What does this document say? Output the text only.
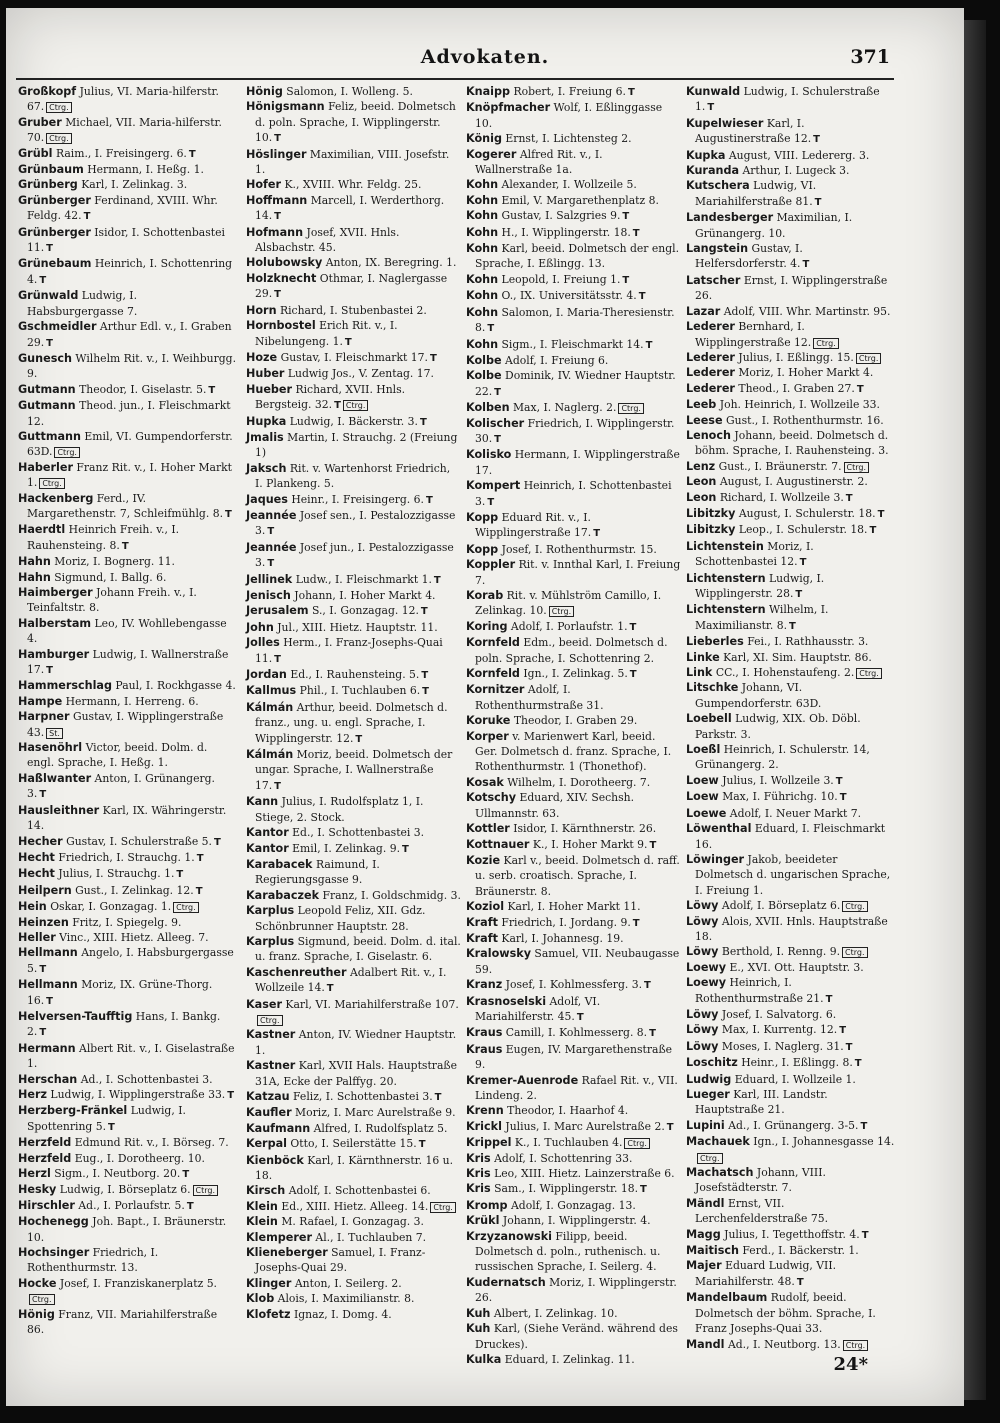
Advokaten.	371
Großkopf Julius, VI. Maria-hilferstr. 67. Ctrg.
Gruber Michael, VII. Maria-hilferstr. 70. Ctrg.
Grübl Raim., I. Freisingerg. 6. T
Grünbaum Hermann, I. Heßg. 1.
Grünberg Karl, I. Zelinkag. 3.
Grünberger Ferdinand, XVIII. Whr. Feldg. 42. T
Grünberger Isidor, I. Schottenbastei 11. T
Grünebaum Heinrich, I. Schottenring 4. T
Grünwald Ludwig, I. Habsburgergasse 7.
Gschmeidler Arthur Edl. v., I. Graben 29. T
Gunesch Wilhelm Rit. v., I. Weihburgg. 9.
Gutmann Theodor, I. Giselastr. 5. T
Gutmann Theod. jun., I. Fleischmarkt 12.
Guttmann Emil, VI. Gumpendorferstr. 63D. Ctrg.
Haberler Franz Rit. v., I. Hoher Markt 1. Ctrg.
Hackenberg Ferd., IV. Margarethenstr. 7, Schleifmühlg. 8. T
Haerdtl Heinrich Freih. v., I. Rauhensteing. 8. T
Hahn Moriz, I. Bognerg. 11.
Hahn Sigmund, I. Ballg. 6.
Haimberger Johann Freih. v., I. Teinfaltstr. 8.
Halberstam Leo, IV. Wohllebengasse 4.
Hamburger Ludwig, I. Wallnerstraße 17. T
Hammerschlag Paul, I. Rockhgasse 4.
Hampe Hermann, I. Herreng. 6.
Harpner Gustav, I. Wipplingerstraße 43. St.
Hasenöhrl Victor, beeid. Dolm. d. engl. Sprache, I. Heßg. 1.
Haßlwanter Anton, I. Grünangerg. 3. T
Hausleithner Karl, IX. Währingerstr. 14.
Hecher Gustav, I. Schulerstraße 5. T
Hecht Friedrich, I. Strauchg. 1. T
Hecht Julius, I. Strauchg. 1. T
Heilpern Gust., I. Zelinkag. 12. T
Hein Oskar, I. Gonzagag. 1. Ctrg.
Heinzen Fritz, I. Spiegelg. 9.
Heller Vinc., XIII. Hietz. Alleeg. 7.
Hellmann Angelo, I. Habsburgergasse 5. T
Hellmann Moriz, IX. Grüne-Thorg. 16. T
Helversen-Taufftig Hans, I. Bankg. 2. T
Hermann Albert Rit. v., I. Giselastraße 1.
Herschan Ad., I. Schottenbastei 3.
Herz Ludwig, I. Wipplingerstraße 33. T
Herzberg-Fränkel Ludwig, I. Spottenring 5. T
Herzfeld Edmund Rit. v., I. Börseg. 7.
Herzfeld Eug., I. Dorotheerg. 10.
Herzl Sigm., I. Neutborg. 20. T
Hesky Ludwig, I. Börseplatz 6. Ctrg.
Hirschler Ad., I. Porlaufstr. 5. T
Hochenegg Joh. Bapt., I. Bräunerstr. 10.
Hochsinger Friedrich, I. Rothenthurmstr. 13.
Hocke Josef, I. Franziskanerplatz 5.Ctrg.
Hönig Franz, VII. Mariahilferstraße 86.
Hönig Salomon, I. Wolleng. 5.
Hönigsmann Feliz, beeid. Dolmetsch d. poln. Sprache, I. Wipplingerstr. 10. T
Höslinger Maximilian, VIII. Josefstr. 1.
Hofer K., XVIII. Whr. Feldg. 25.
Hoffmann Marcell, I. Werderthorg. 14. T
Hofmann Josef, XVII. Hnls. Alsbachstr. 45.
Holubowsky Anton, IX. Beregring. 1.
Holzknecht Othmar, I. Naglergasse 29. T
Horn Richard, I. Stubenbastei 2.
Hornbostel Erich Rit. v., I. Nibelungeng. 1. T
Hoze Gustav, I. Fleischmarkt 17. T
Huber Ludwig Jos., V. Zentag. 17.
Hueber Richard, XVII. Hnls. Bergsteig. 32. T Ctrg.
Hupka Ludwig, I. Bäckerstr. 3. T
Jmalis Martin, I. Strauchg. 2 (Freiung 1)
Jaksch Rit. v. Wartenhorst Friedrich, I. Plankeng. 5.
Jaques Heinr., I. Freisingerg. 6. T
Jeannée Josef sen., I. Pestalozzigasse 3. T
Jeannée Josef jun., I. Pestalozzigasse 3. T
Jellinek Ludw., I. Fleischmarkt 1. T
Jenisch Johann, I. Hoher Markt 4.
Jerusalem S., I. Gonzagag. 12. T
John Jul., XIII. Hietz. Hauptstr. 11.
Jolles Herm., I. Franz-Josephs-Quai 11. T
Jordan Ed., I. Rauhensteing. 5. T
Kallmus Phil., I. Tuchlauben 6. T
Kálmán Arthur, beeid. Dolmetsch d. franz., ung. u. engl. Sprache, I. Wipplingerstr. 12. T
Kálmán Moriz, beeid. Dolmetsch der ungar. Sprache, I. Wallnerstraße 17. T
Kann Julius, I. Rudolfsplatz 1, I. Stiege, 2. Stock.
Kantor Ed., I. Schottenbastei 3.
Kantor Emil, I. Zelinkag. 9. T
Karabacek Raimund, I. Regierungsgasse 9.
Karabaczek Franz, I. Goldschmidg. 3.
Karplus Leopold Feliz, XII. Gdz. Schönbrunner Hauptstr. 28.
Karplus Sigmund, beeid. Dolm. d. ital. u. franz. Sprache, I. Giselastr. 6.
Kaschenreuther Adalbert Rit. v., I. Wollzeile 14. T
Kaser Karl, VI. Mariahilferstraße 107.Ctrg.
Kastner Anton, IV. Wiedner Hauptstr. 1.
Kastner Karl, XVII Hals. Hauptstraße 31A, Ecke der Palffyg. 20.
Katzau Feliz, I. Schottenbastei 3. T
Kaufler Moriz, I. Marc Aurelstraße 9.
Kaufmann Alfred, I. Rudolfsplatz 5.
Kerpal Otto, I. Seilerstätte 15. T
Kienböck Karl, I. Kärnthnerstr. 16 u. 18.
Kirsch Adolf, I. Schottenbastei 6.
Klein Ed., XIII. Hietz. Alleeg. 14. Ctrg.
Klein M. Rafael, I. Gonzagag. 3.
Klemperer Al., I. Tuchlauben 7.
Klieneberger Samuel, I. Franz-Josephs-Quai 29.
Klinger Anton, I. Seilerg. 2.
Klob Alois, I. Maximilianstr. 8.
Klofetz Ignaz, I. Domg. 4.
Knaipp Robert, I. Freiung 6. T
Knöpfmacher Wolf, I. Eßlinggasse 10.
König Ernst, I. Lichtensteg 2.
Kogerer Alfred Rit. v., I. Wallnerstraße 1a.
Kohn Alexander, I. Wollzeile 5.
Kohn Emil, V. Margarethenplatz 8.
Kohn Gustav, I. Salzgries 9. T
Kohn H., I. Wipplingerstr. 18. T
Kohn Karl, beeid. Dolmetsch der engl. Sprache, I. Eßlingg. 13.
Kohn Leopold, I. Freiung 1. T
Kohn O., IX. Universitätsstr. 4. T
Kohn Salomon, I. Maria-Theresienstr. 8. T
Kohn Sigm., I. Fleischmarkt 14. T
Kolbe Adolf, I. Freiung 6.
Kolbe Dominik, IV. Wiedner Hauptstr. 22. T
Kolben Max, I. Naglerg. 2. Ctrg.
Kolischer Friedrich, I. Wipplingerstr. 30. T
Kolisko Hermann, I. Wipplingerstraße 17.
Kompert Heinrich, I. Schottenbastei 3. T
Kopp Eduard Rit. v., I. Wipplingerstraße 17. T
Kopp Josef, I. Rothenthurmstr. 15.
Koppler Rit. v. Innthal Karl, I. Freiung 7.
Korab Rit. v. Mühlström Camillo, I. Zelinkag. 10. Ctrg.
Koring Adolf, I. Porlaufstr. 1. T
Kornfeld Edm., beeid. Dolmetsch d. poln. Sprache, I. Schottenring 2.
Kornfeld Ign., I. Zelinkag. 5. T
Kornitzer Adolf, I. Rothenthurmstraße 31.
Koruke Theodor, I. Graben 29.
Korper v. Marienwert Karl, beeid. Ger. Dolmetsch d. franz. Sprache, I. Rothenthurmstr. 1 (Thonethof).
Kosak Wilhelm, I. Dorotheerg. 7.
Kotschy Eduard, XIV. Sechsh. Ullmannstr. 63.
Kottler Isidor, I. Kärnthnerstr. 26.
Kottnauer K., I. Hoher Markt 9. T
Kozie Karl v., beeid. Dolmetsch d. raff. u. serb. croatisch. Sprache, I. Bräunerstr. 8.
Koziol Karl, I. Hoher Markt 11.
Kraft Friedrich, I. Jordang. 9. T
Kraft Karl, I. Johannesg. 19.
Kralowsky Samuel, VII. Neubaugasse 59.
Kranz Josef, I. Kohlmessferg. 3. T
Krasnoselski Adolf, VI. Mariahilferstr. 45. T
Kraus Camill, I. Kohlmesserg. 8. T
Kraus Eugen, IV. Margarethenstraße 9.
Kremer-Auenrode Rafael Rit. v., VII. Lindeng. 2.
Krenn Theodor, I. Haarhof 4.
Krickl Julius, I. Marc Aurelstraße 2. T
Krippel K., I. Tuchlauben 4. Ctrg.
Kris Adolf, I. Schottenring 33.
Kris Leo, XIII. Hietz. Lainzerstraße 6.
Kris Sam., I. Wipplingerstr. 18. T
Kromp Adolf, I. Gonzagag. 13.
Krükl Johann, I. Wipplingerstr. 4.
Krzyzanowski Filipp, beeid. Dolmetsch d. poln., ruthenisch. u. russischen Sprache, I. Seilerg. 4.
Kudernatsch Moriz, I. Wipplingerstr. 26.
Kuh Albert, I. Zelinkag. 10.
Kuh Karl, (Siehe Veränd. während des Druckes).
Kulka Eduard, I. Zelinkag. 11.
Kunwald Ludwig, I. Schulerstraße 1. T
Kupelwieser Karl, I. Augustinerstraße 12. T
Kupka August, VIII. Ledererg. 3.
Kuranda Arthur, I. Lugeck 3.
Kutschera Ludwig, VI. Mariahilferstraße 81. T
Landesberger Maximilian, I. Grünangerg. 10.
Langstein Gustav, I. Helfersdorferstr. 4. T
Latscher Ernst, I. Wipplingerstraße 26.
Lazar Adolf, VIII. Whr. Martinstr. 95.
Lederer Bernhard, I. Wipplingerstraße 12. Ctrg.
Lederer Julius, I. Eßlingg. 15. Ctrg.
Lederer Moriz, I. Hoher Markt 4.
Lederer Theod., I. Graben 27. T
Leeb Joh. Heinrich, I. Wollzeile 33.
Leese Gust., I. Rothenthurmstr. 16.
Lenoch Johann, beeid. Dolmetsch d. böhm. Sprache, I. Rauhensteing. 3.
Lenz Gust., I. Bräunerstr. 7. Ctrg.
Leon August, I. Augustinerstr. 2.
Leon Richard, I. Wollzeile 3. T
Libitzky August, I. Schulerstr. 18. T
Libitzky Leop., I. Schulerstr. 18. T
Lichtenstein Moriz, I. Schottenbastei 12. T
Lichtenstern Ludwig, I. Wipplingerstr. 28. T
Lichtenstern Wilhelm, I. Maximilianstr. 8. T
Lieberles Fei., I. Rathhausstr. 3.
Linke Karl, XI. Sim. Hauptstr. 86.
Link CC., I. Hohenstaufeng. 2. Ctrg.
Litschke Johann, VI. Gumpendorferstr. 63D.
Loebell Ludwig, XIX. Ob. Döbl. Parkstr. 3.
Loeßl Heinrich, I. Schulerstr. 14, Grünangerg. 2.
Loew Julius, I. Wollzeile 3. T
Loew Max, I. Führichg. 10. T
Loewe Adolf, I. Neuer Markt 7.
Löwenthal Eduard, I. Fleischmarkt 16.
Löwinger Jakob, beeideter Dolmetsch d. ungarischen Sprache, I. Freiung 1.
Löwy Adolf, I. Börseplatz 6. Ctrg.
Löwy Alois, XVII. Hnls. Hauptstraße 18.
Löwy Berthold, I. Renng. 9. Ctrg.
Loewy E., XVI. Ott. Hauptstr. 3.
Loewy Heinrich, I. Rothenthurmstraße 21. T
Löwy Josef, I. Salvatorg. 6.
Löwy Max, I. Kurrentg. 12. T
Löwy Moses, I. Naglerg. 31. T
Loschitz Heinr., I. Eßlingg. 8. T
Ludwig Eduard, I. Wollzeile 1.
Lueger Karl, III. Landstr. Hauptstraße 21.
Lupini Ad., I. Grünangerg. 3-5. T
Machauek Ign., I. Johannesgasse 14.Ctrg.
Machatsch Johann, VIII. Josefstädterstr. 7.
Mändl Ernst, VII. Lerchenfelderstraße 75.
Magg Julius, I. Tegetthoffstr. 4. T
Maitisch Ferd., I. Bäckerstr. 1.
Majer Eduard Ludwig, VII. Mariahilferstr. 48. T
Mandelbaum Rudolf, beeid. Dolmetsch der böhm. Sprache, I. Franz Josephs-Quai 33.
Mandl Ad., I. Neutborg. 13. Ctrg.
24*
